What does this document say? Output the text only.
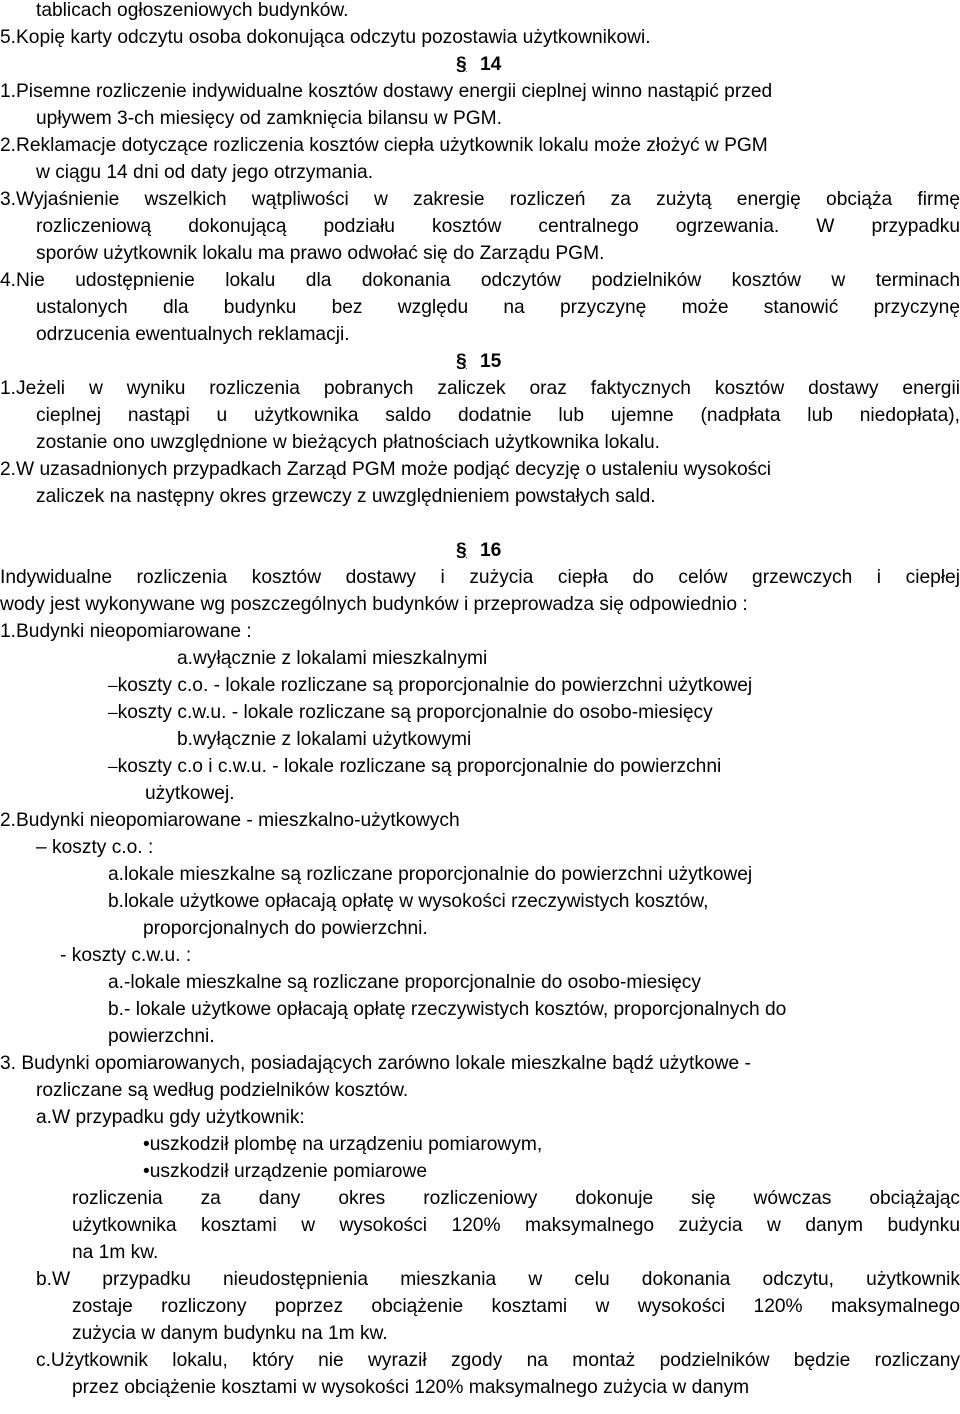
tablicach ogłoszeniowych budynków.
5.Kopię karty odczytu osoba dokonująca odczytu pozostawia użytkownikowi.
§ 14
1.Pisemne rozliczenie indywidualne kosztów dostawy energii cieplnej winno nastąpić przed
upływem 3-ch miesięcy od zamknięcia bilansu w PGM.
2.Reklamacje dotyczące rozliczenia kosztów ciepła użytkownik lokalu może złożyć w PGM
w ciągu 14 dni od daty jego otrzymania.
3.Wyjaśnienie wszelkich wątpliwości w zakresie rozliczeń za zużytą energię obciąża firmę
rozliczeniową dokonującą podziału kosztów centralnego ogrzewania. W przypadku
sporów użytkownik lokalu ma prawo odwołać się do Zarządu PGM.
4.Nie udostępnienie lokalu dla dokonania odczytów podzielników kosztów w terminach
ustalonych dla budynku bez względu na przyczynę może stanowić przyczynę
odrzucenia ewentualnych reklamacji.
§ 15
1.Jeżeli w wyniku rozliczenia pobranych zaliczek oraz faktycznych kosztów dostawy energii
cieplnej nastąpi u użytkownika saldo dodatnie lub ujemne (nadpłata lub niedopłata),
zostanie ono uwzględnione w bieżących płatnościach użytkownika lokalu.
2.W uzasadnionych przypadkach Zarząd PGM może podjąć decyzję o ustaleniu wysokości
zaliczek na następny okres grzewczy z uwzględnieniem powstałych sald.
§ 16
Indywidualne rozliczenia kosztów dostawy i zużycia ciepła do celów grzewczych i ciepłej
wody jest wykonywane wg poszczególnych budynków i przeprowadza się odpowiednio :
1.Budynki nieopomiarowane :
a.wyłącznie z lokalami mieszkalnymi
–koszty c.o. - lokale rozliczane są proporcjonalnie do powierzchni użytkowej
–koszty c.w.u. - lokale rozliczane są proporcjonalnie do osobo-miesięcy
b.wyłącznie z lokalami użytkowymi
–koszty c.o i c.w.u. - lokale rozliczane są proporcjonalnie do powierzchni
użytkowej.
2.Budynki nieopomiarowane - mieszkalno-użytkowych
– koszty c.o. :
a.lokale mieszkalne są rozliczane proporcjonalnie do powierzchni użytkowej
b.lokale użytkowe opłacają opłatę w wysokości rzeczywistych kosztów,
proporcjonalnych do powierzchni.
- koszty c.w.u. :
a.-lokale mieszkalne są rozliczane proporcjonalnie do osobo-miesięcy
b.- lokale użytkowe opłacają opłatę rzeczywistych kosztów, proporcjonalnych do
powierzchni.
3. Budynki opomiarowanych, posiadających zarówno lokale mieszkalne bądź użytkowe -
rozliczane są według podzielników kosztów.
a.W przypadku gdy użytkownik:
•uszkodził plombę na urządzeniu pomiarowym,
•uszkodził urządzenie pomiarowe
rozliczenia za dany okres rozliczeniowy dokonuje się wówczas obciążając
użytkownika kosztami w wysokości 120% maksymalnego zużycia w danym budynku
na 1m kw.
b.W przypadku nieudostępnienia mieszkania w celu dokonania odczytu, użytkownik
zostaje rozliczony poprzez obciążenie kosztami w wysokości 120% maksymalnego
zużycia w danym budynku na 1m kw.
c.Użytkownik lokalu, który nie wyraził zgody na montaż podzielników będzie rozliczany
przez obciążenie kosztami w wysokości 120% maksymalnego zużycia w danym
